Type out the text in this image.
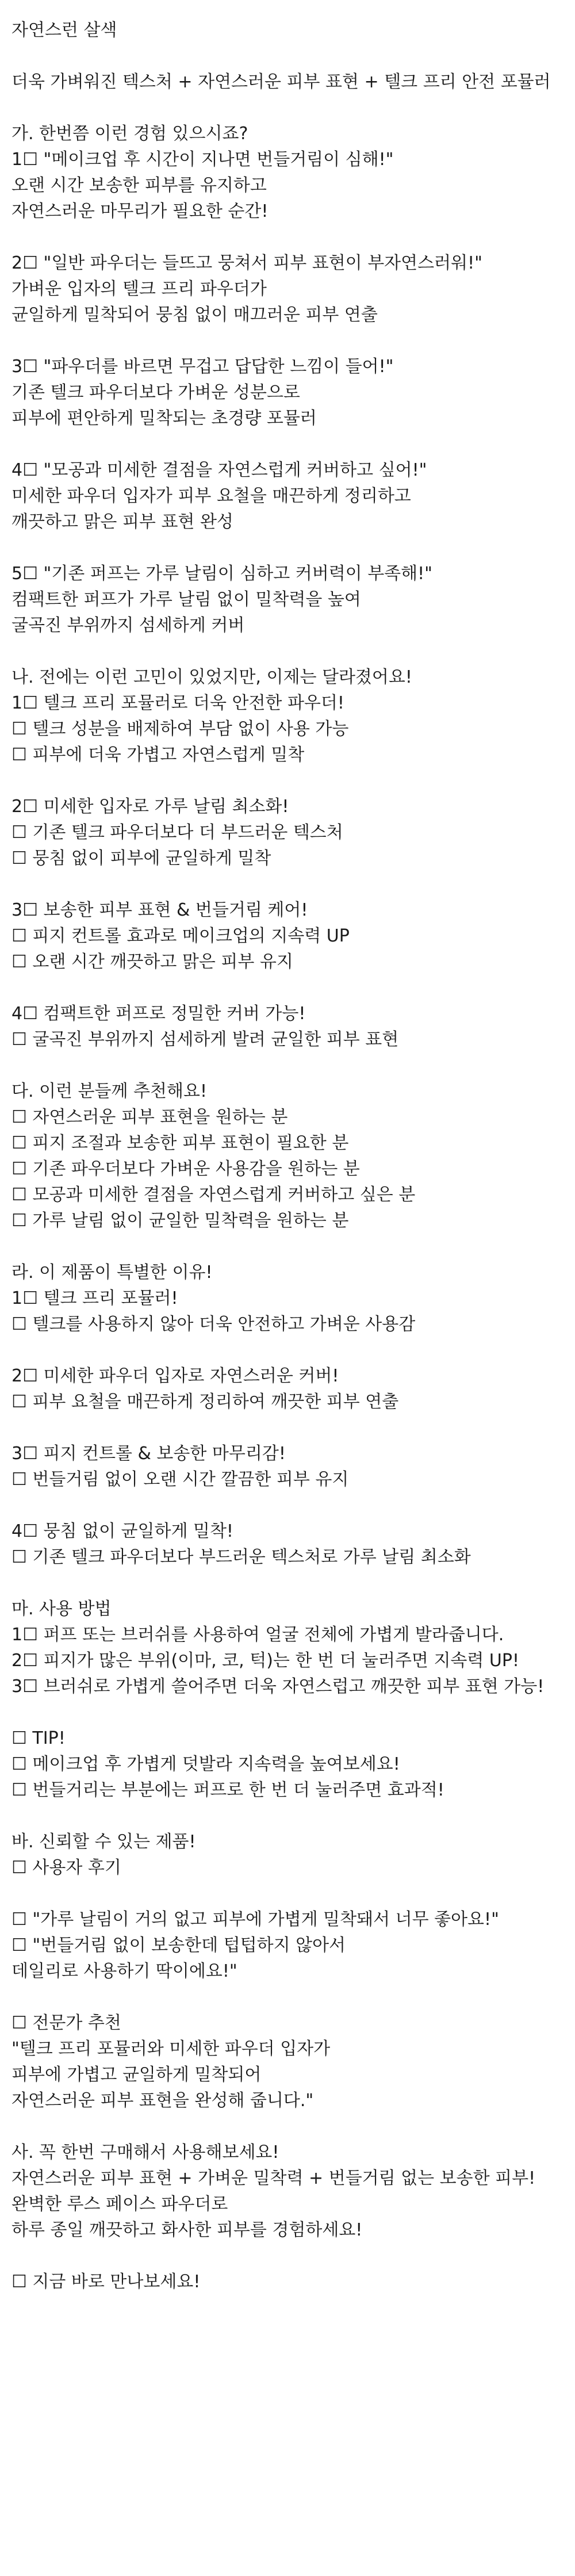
자연스런 살색
더욱 가벼워진 텍스처 + 자연스러운 피부 표현 + 텔크 프리 안전 포뮬러
가. 한번쯤 이런 경험 있으시죠?
1☐ "메이크업 후 시간이 지나면 번들거림이 심해!"
오랜 시간 보송한 피부를 유지하고
자연스러운 마무리가 필요한 순간!
2☐ "일반 파우더는 들뜨고 뭉쳐서 피부 표현이 부자연스러워!"
가벼운 입자의 텔크 프리 파우더가
균일하게 밀착되어 뭉침 없이 매끄러운 피부 연출
3☐ "파우더를 바르면 무겁고 답답한 느낌이 들어!"
기존 텔크 파우더보다 가벼운 성분으로
피부에 편안하게 밀착되는 초경량 포뮬러
4☐ "모공과 미세한 결점을 자연스럽게 커버하고 싶어!"
미세한 파우더 입자가 피부 요철을 매끈하게 정리하고
깨끗하고 맑은 피부 표현 완성
5☐ "기존 퍼프는 가루 날림이 심하고 커버력이 부족해!"
컴팩트한 퍼프가 가루 날림 없이 밀착력을 높여
굴곡진 부위까지 섬세하게 커버
나. 전에는 이런 고민이 있었지만, 이제는 달라졌어요!
1☐ 텔크 프리 포뮬러로 더욱 안전한 파우더!
☐ 텔크 성분을 배제하여 부담 없이 사용 가능
☐ 피부에 더욱 가볍고 자연스럽게 밀착
2☐ 미세한 입자로 가루 날림 최소화!
☐ 기존 텔크 파우더보다 더 부드러운 텍스처
☐ 뭉침 없이 피부에 균일하게 밀착
3☐ 보송한 피부 표현 & 번들거림 케어!
☐ 피지 컨트롤 효과로 메이크업의 지속력 UP
☐ 오랜 시간 깨끗하고 맑은 피부 유지
4☐ 컴팩트한 퍼프로 정밀한 커버 가능!
☐ 굴곡진 부위까지 섬세하게 발려 균일한 피부 표현
다. 이런 분들께 추천해요!
☐ 자연스러운 피부 표현을 원하는 분
☐ 피지 조절과 보송한 피부 표현이 필요한 분
☐ 기존 파우더보다 가벼운 사용감을 원하는 분
☐ 모공과 미세한 결점을 자연스럽게 커버하고 싶은 분
☐ 가루 날림 없이 균일한 밀착력을 원하는 분
라. 이 제품이 특별한 이유!
1☐ 텔크 프리 포뮬러!
☐ 텔크를 사용하지 않아 더욱 안전하고 가벼운 사용감
2☐ 미세한 파우더 입자로 자연스러운 커버!
☐ 피부 요철을 매끈하게 정리하여 깨끗한 피부 연출
3☐ 피지 컨트롤 & 보송한 마무리감!
☐ 번들거림 없이 오랜 시간 깔끔한 피부 유지
4☐ 뭉침 없이 균일하게 밀착!
☐ 기존 텔크 파우더보다 부드러운 텍스처로 가루 날림 최소화
마. 사용 방법
1☐ 퍼프 또는 브러쉬를 사용하여 얼굴 전체에 가볍게 발라줍니다.
2☐ 피지가 많은 부위(이마, 코, 턱)는 한 번 더 눌러주면 지속력 UP!
3☐ 브러쉬로 가볍게 쓸어주면 더욱 자연스럽고 깨끗한 피부 표현 가능!
☐ TIP!
☐ 메이크업 후 가볍게 덧발라 지속력을 높여보세요!
☐ 번들거리는 부분에는 퍼프로 한 번 더 눌러주면 효과적!
바. 신뢰할 수 있는 제품!
☐ 사용자 후기
☐ "가루 날림이 거의 없고 피부에 가볍게 밀착돼서 너무 좋아요!"
☐ "번들거림 없이 보송한데 텁텁하지 않아서
데일리로 사용하기 딱이에요!"
☐ 전문가 추천
"텔크 프리 포뮬러와 미세한 파우더 입자가
피부에 가볍고 균일하게 밀착되어
자연스러운 피부 표현을 완성해 줍니다."
사. 꼭 한번 구매해서 사용해보세요!
자연스러운 피부 표현 + 가벼운 밀착력 + 번들거림 없는 보송한 피부!
완벽한 루스 페이스 파우더로
하루 종일 깨끗하고 화사한 피부를 경험하세요!
☐ 지금 바로 만나보세요!
